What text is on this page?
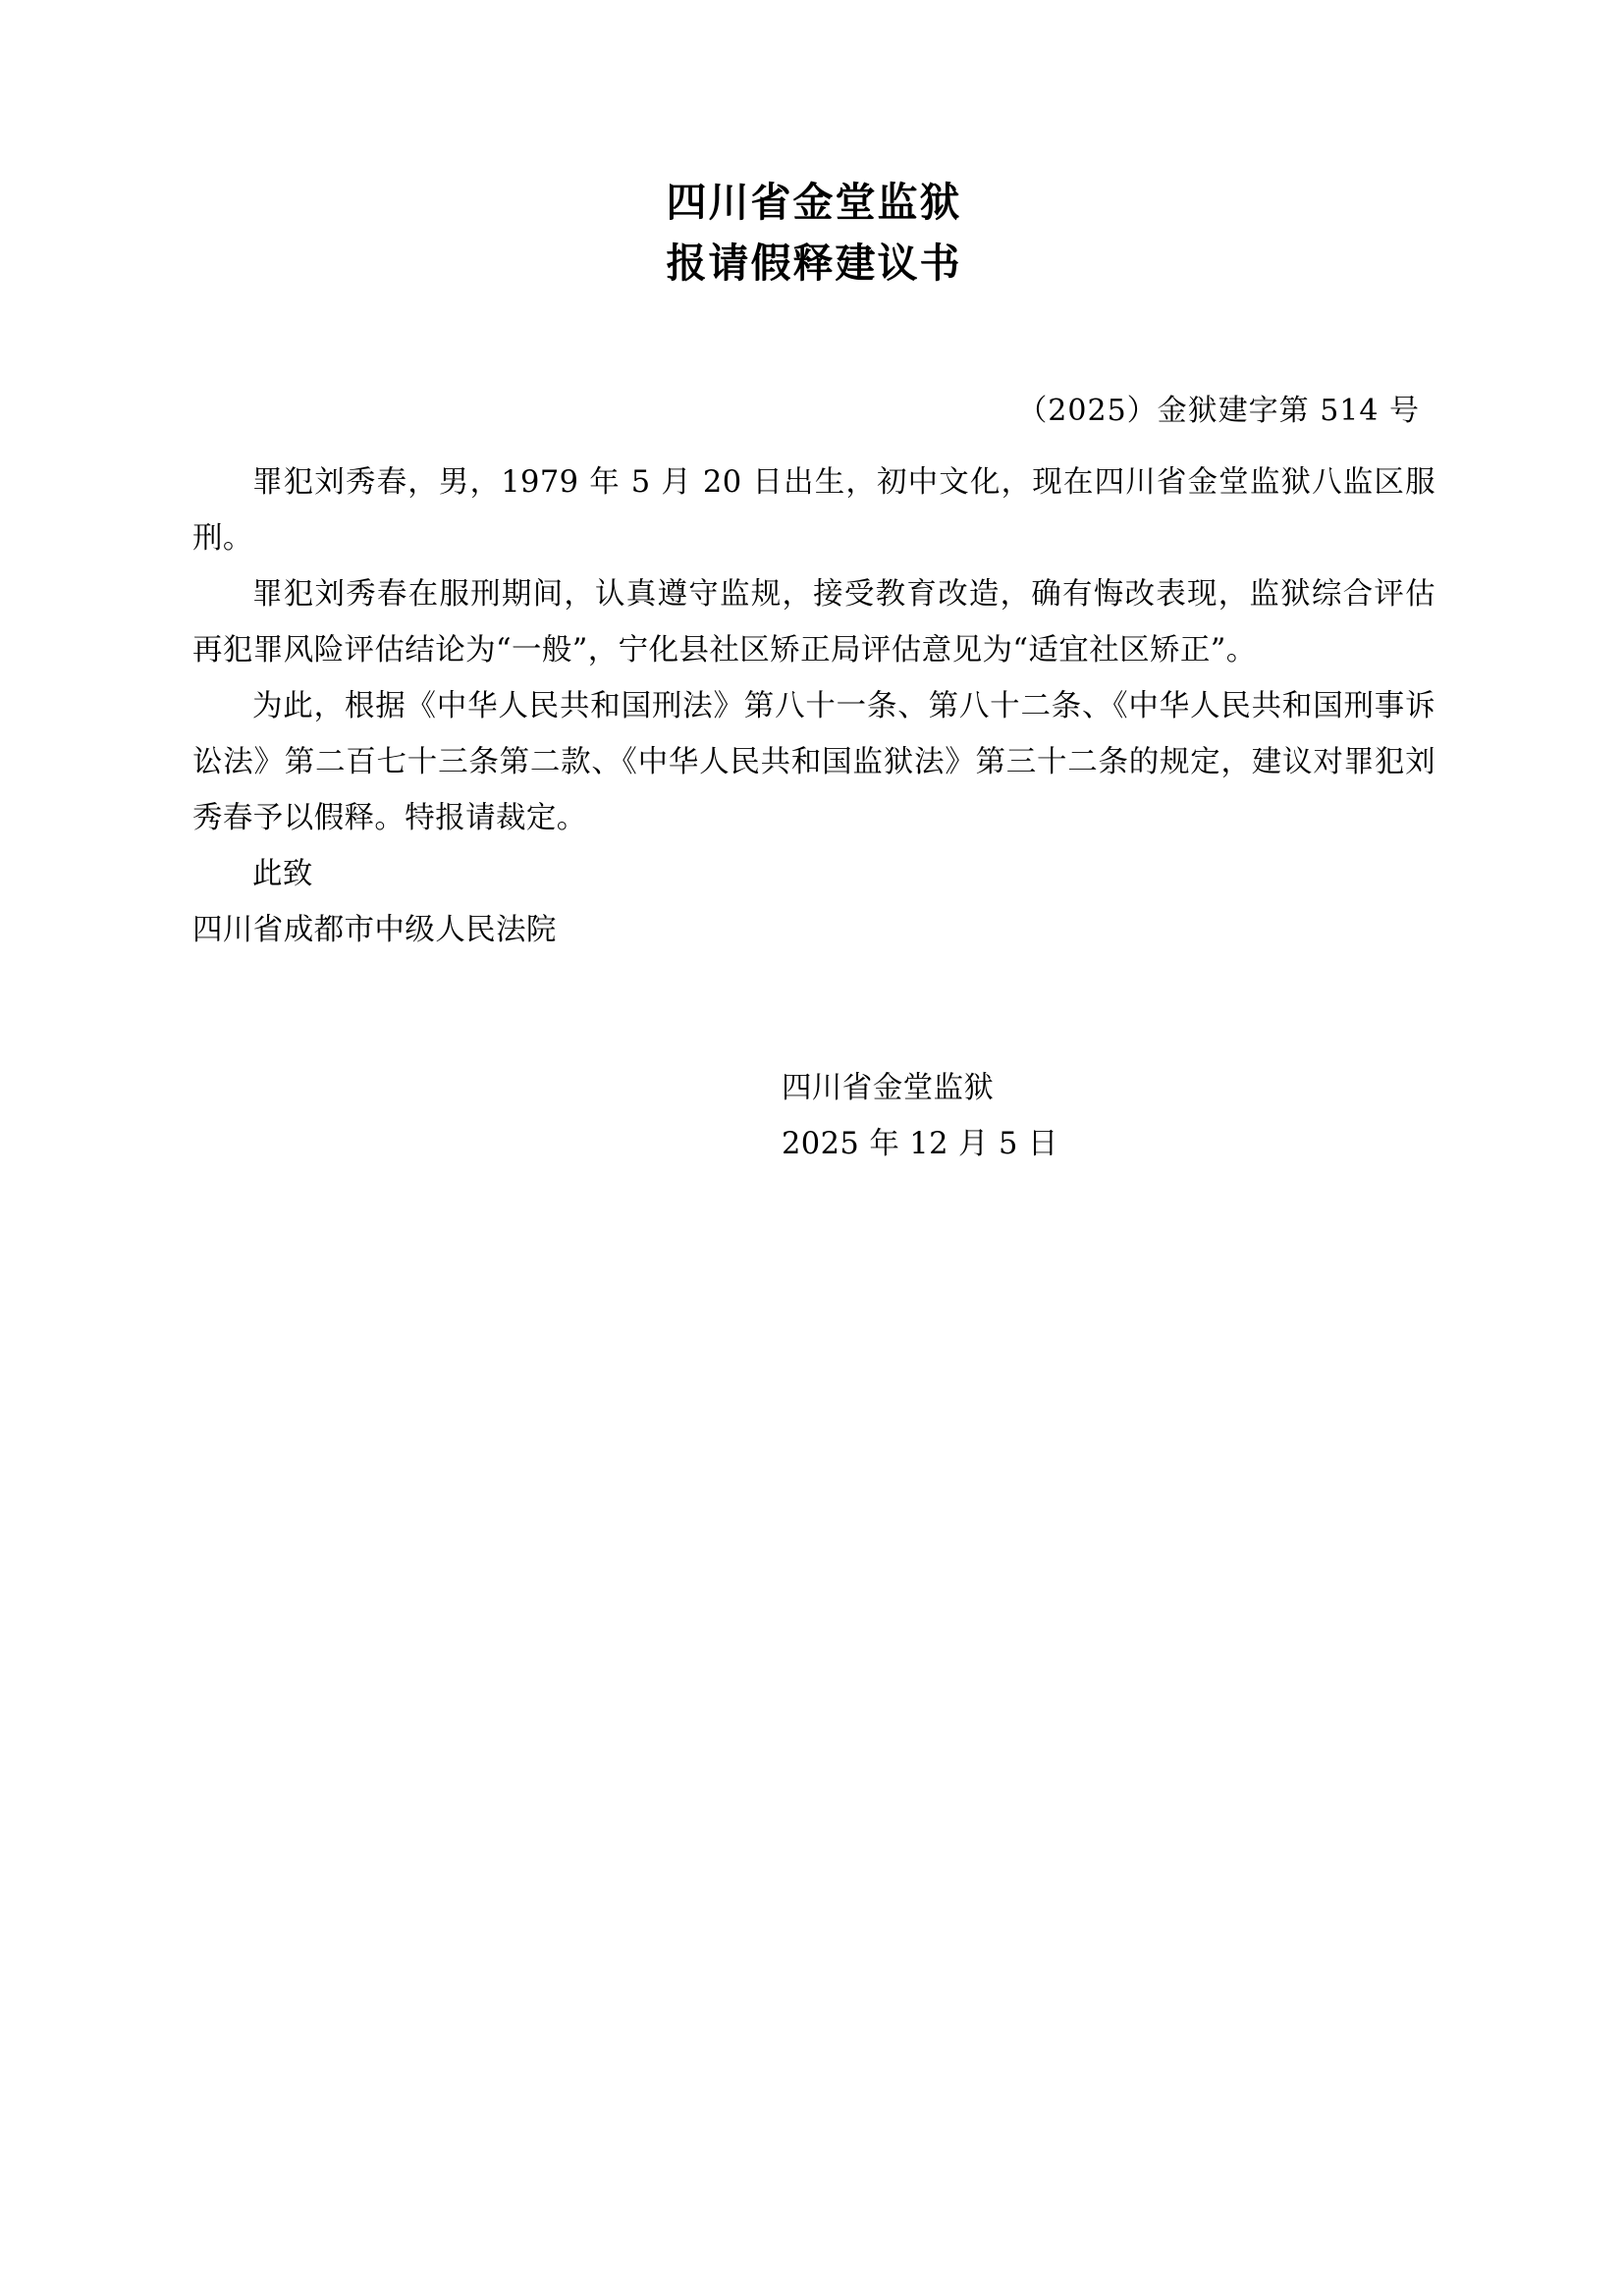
四川省金堂监狱
报请假释建议书
（2025）金狱建字第 514 号

罪犯刘秀春，男，1979 年 5 月 20 日出生，初中文化，现在四川省金堂监狱八监区服刑。

罪犯刘秀春在服刑期间，认真遵守监规，接受教育改造，确有悔改表现，监狱综合评估再犯罪风险评估结论为“一般”，宁化县社区矫正局评估意见为“适宜社区矫正”。

为此，根据《中华人民共和国刑法》第八十一条、第八十二条、《中华人民共和国刑事诉讼法》第二百七十三条第二款、《中华人民共和国监狱法》第三十二条的规定，建议对罪犯刘秀春予以假释。特报请裁定。

此致

四川省成都市中级人民法院

四川省金堂监狱
2025 年 12 月 5 日
